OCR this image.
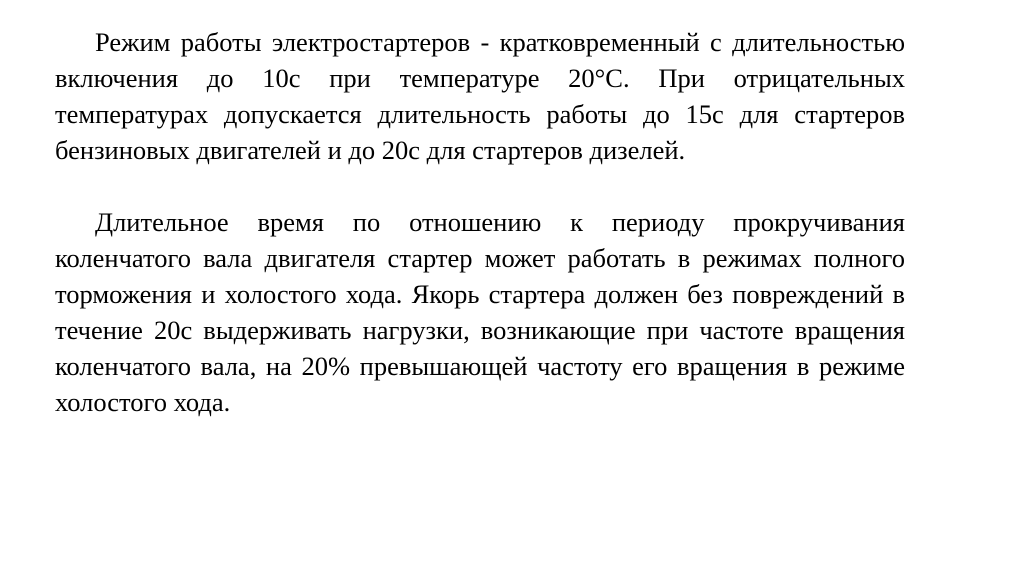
Режим работы электростартеров - кратковременный с длительностью включения до 10с при температуре 20°С. При отрицательных температурах допускается длительность работы до 15с для стартеров бензиновых двигателей и до 20с для стартеров дизелей.

Длительное время по отношению к периоду прокручивания коленчатого вала двигателя стартер может работать в режимах полного торможения и холостого хода. Якорь стартера должен без повреждений в течение 20с выдерживать нагрузки, возникающие при частоте вращения коленчатого вала, на 20% превышающей частоту его вращения в режиме холостого хода.
